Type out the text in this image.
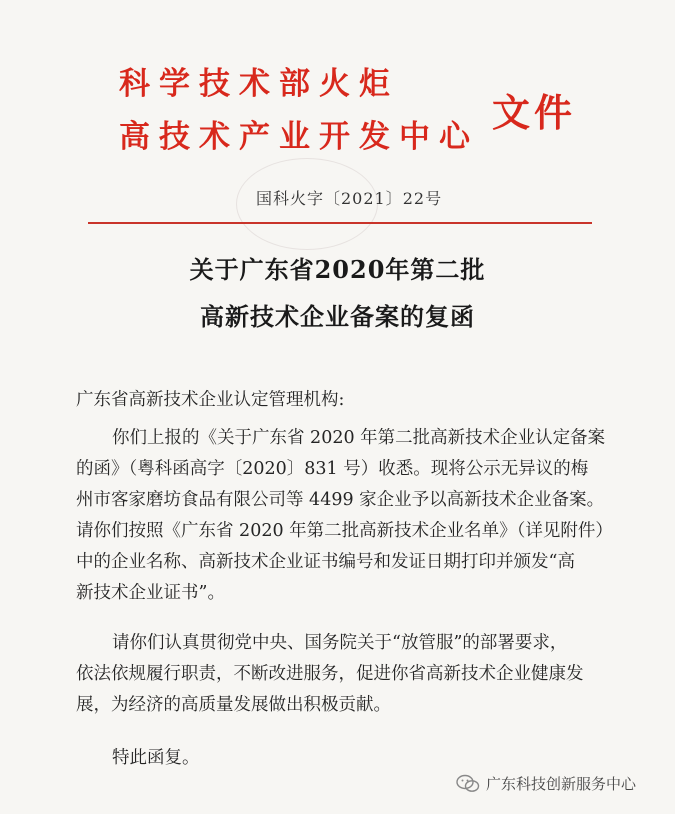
科学技术部火炬
高技术产业开发中心
文件
国科火字〔2021〕22号
关于广东省2020年第二批
高新技术企业备案的复函
广东省高新技术企业认定管理机构:
你们上报的《关于广东省 2020 年第二批高新技术企业认定备案
的函》（粤科函高字〔2020〕831 号）收悉。现将公示无异议的梅
州市客家磨坊食品有限公司等 4499 家企业予以高新技术企业备案。
请你们按照《广东省 2020 年第二批高新技术企业名单》（详见附件）
中的企业名称、高新技术企业证书编号和发证日期打印并颁发“高
新技术企业证书”。
请你们认真贯彻党中央、国务院关于“放管服”的部署要求，
依法依规履行职责，不断改进服务，促进你省高新技术企业健康发
展，为经济的高质量发展做出积极贡献。
特此函复。
广东科技创新服务中心
